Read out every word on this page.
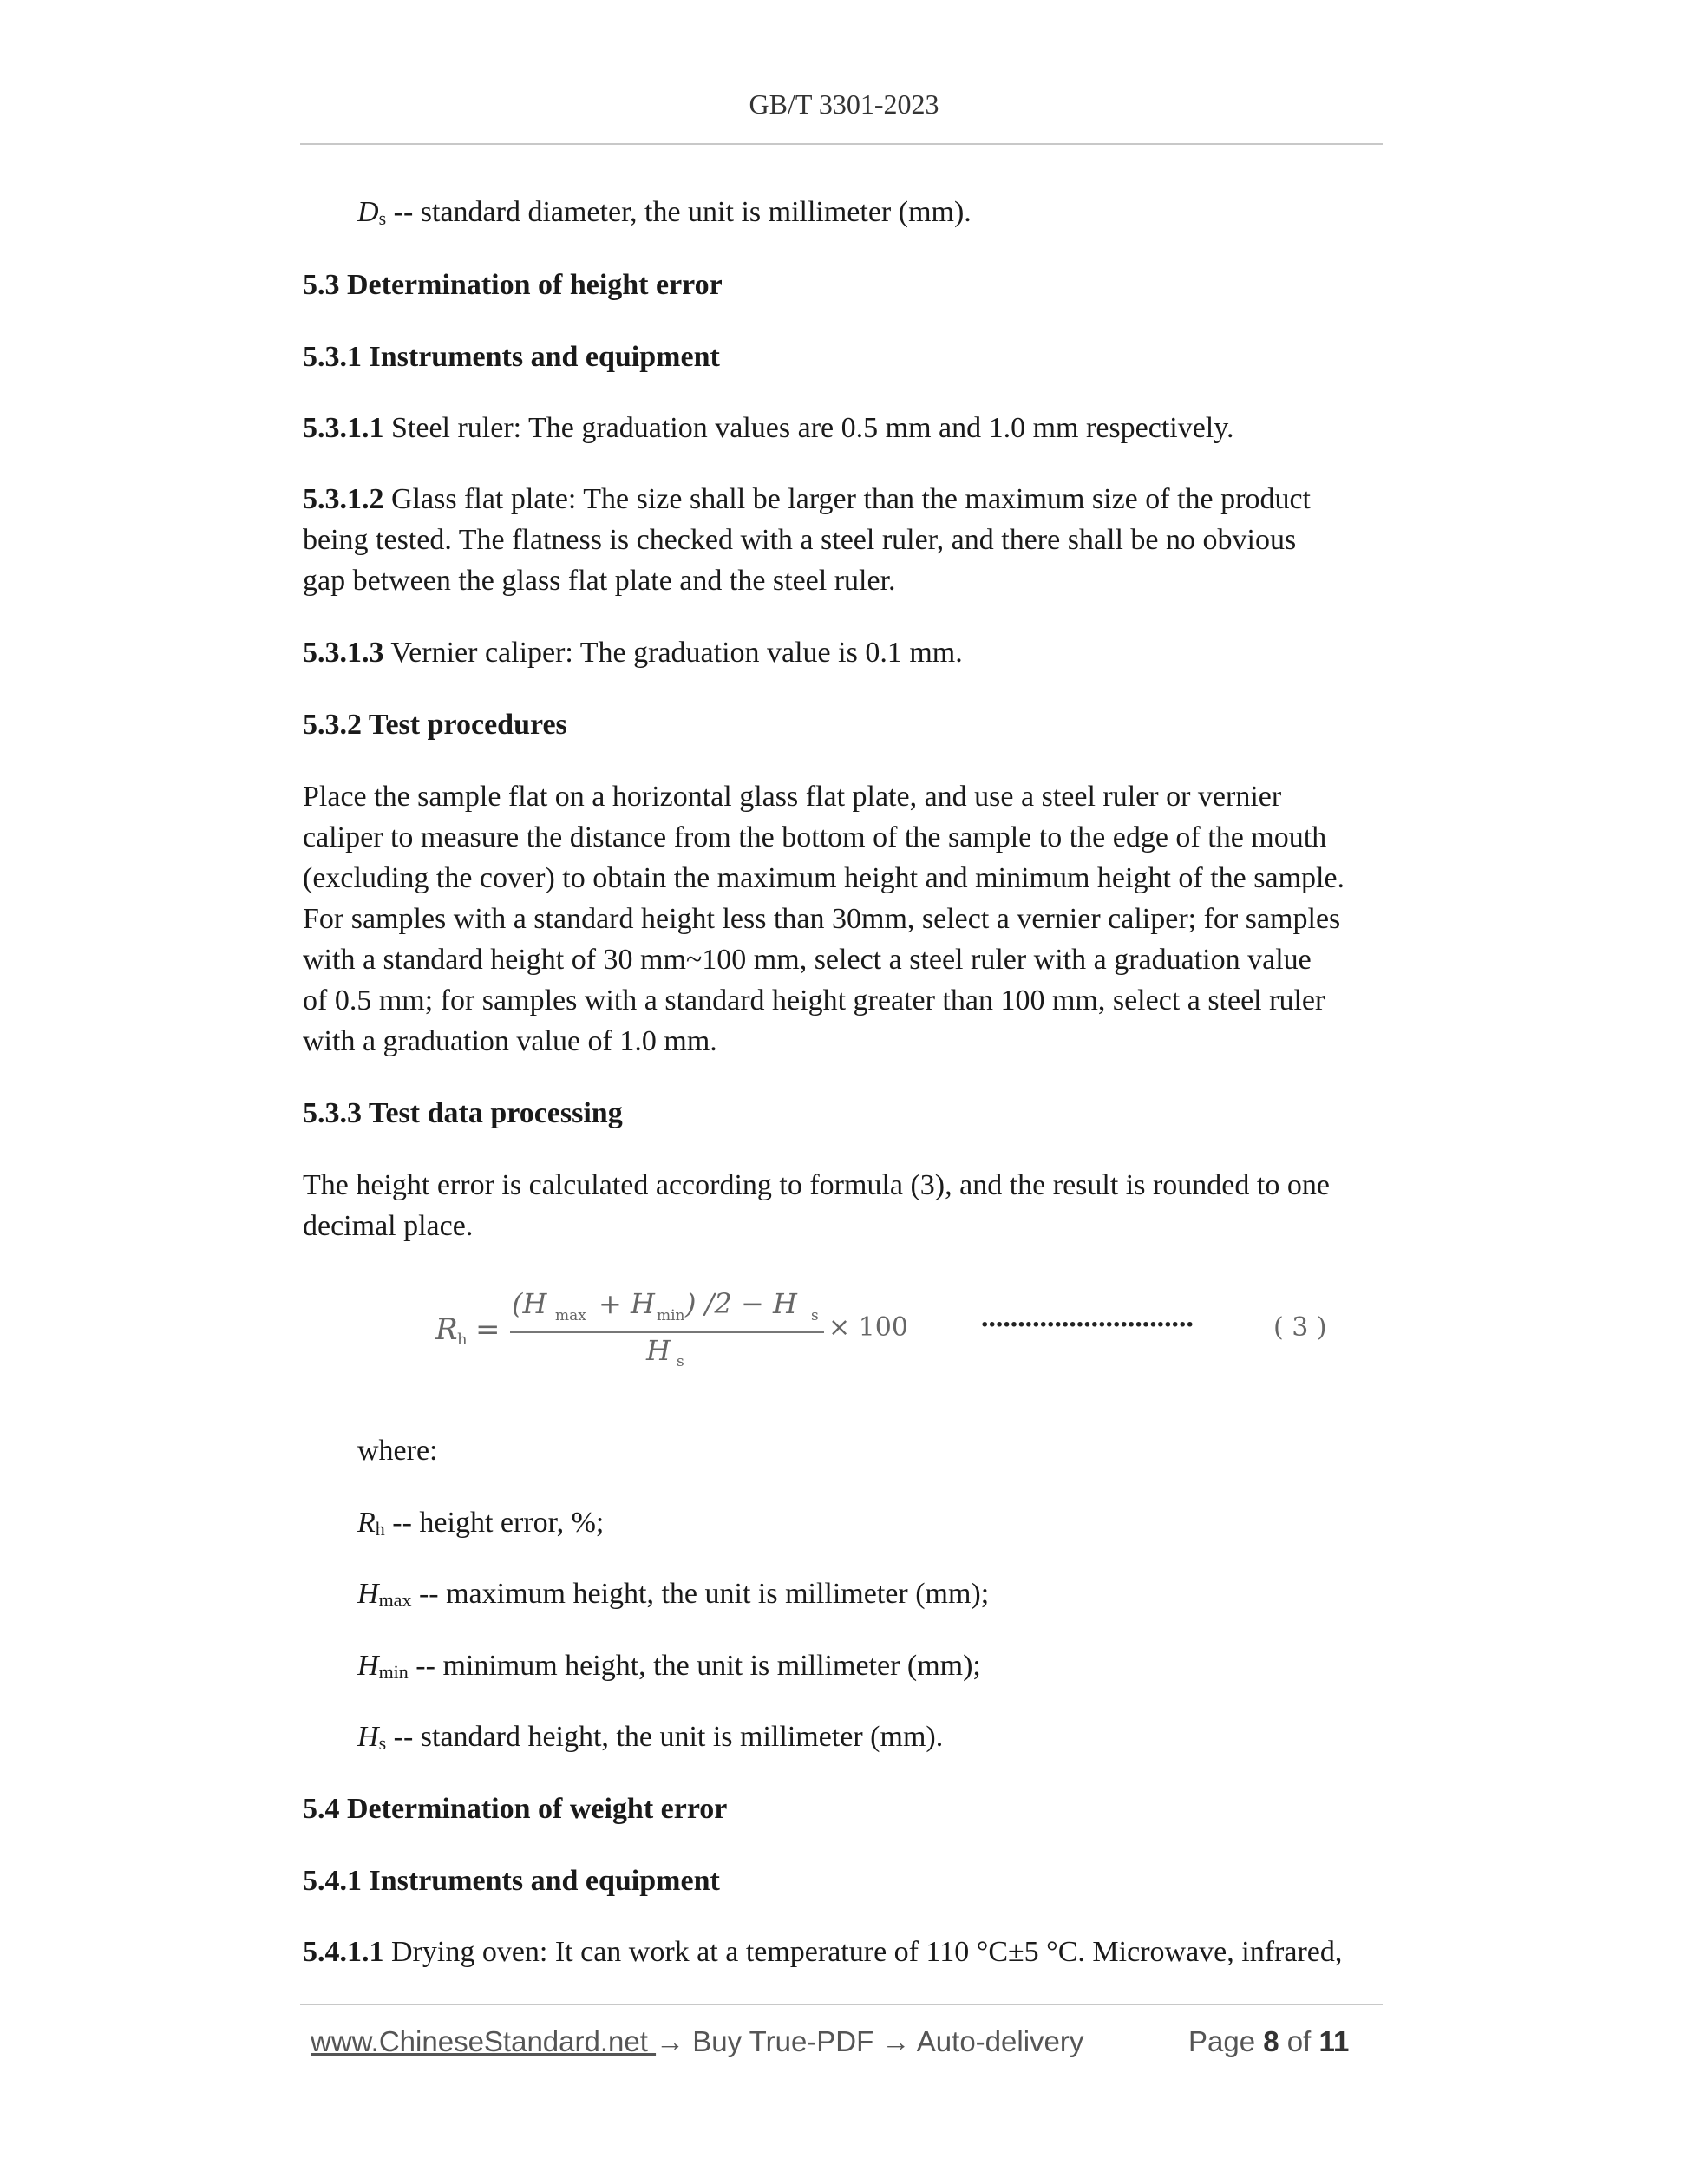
GB/T 3301-2023
$D_s$ -- standard diameter, the unit is millimeter (mm).
5.3 Determination of height error
5.3.1 Instruments and equipment
5.3.1.1 Steel ruler: The graduation values are 0.5 mm and 1.0 mm respectively.
5.3.1.2 Glass flat plate: The size shall be larger than the maximum size of the product
being tested. The flatness is checked with a steel ruler, and there shall be no obvious
gap between the glass flat plate and the steel ruler.
5.3.1.3 Vernier caliper: The graduation value is 0.1 mm.
5.3.2 Test procedures
Place the sample flat on a horizontal glass flat plate, and use a steel ruler or vernier
caliper to measure the distance from the bottom of the sample to the edge of the mouth
(excluding the cover) to obtain the maximum height and minimum height of the sample.
For samples with a standard height less than 30mm, select a vernier caliper; for samples
with a standard height of 30 mm~100 mm, select a steel ruler with a graduation value
of 0.5 mm; for samples with a standard height greater than 100 mm, select a steel ruler
with a graduation value of 1.0 mm.
5.3.3 Test data processing
The height error is calculated according to formula (3), and the result is rounded to one
decimal place.
where:
$R_h$ -- height error, %;
$H_{max}$ -- maximum height, the unit is millimeter (mm);
$H_{min}$ -- minimum height, the unit is millimeter (mm);
$H_s$ -- standard height, the unit is millimeter (mm).
5.4 Determination of weight error
5.4.1 Instruments and equipment
5.4.1.1 Drying oven: It can work at a temperature of 110 °C±5 °C. Microwave, infrared,
R h =
(H max + H min ) /2 − H s
H s
× 100	·····························	( 3 )
www.ChineseStandard.net → Buy True-PDF → Auto-delivery	Page 8 of 11
